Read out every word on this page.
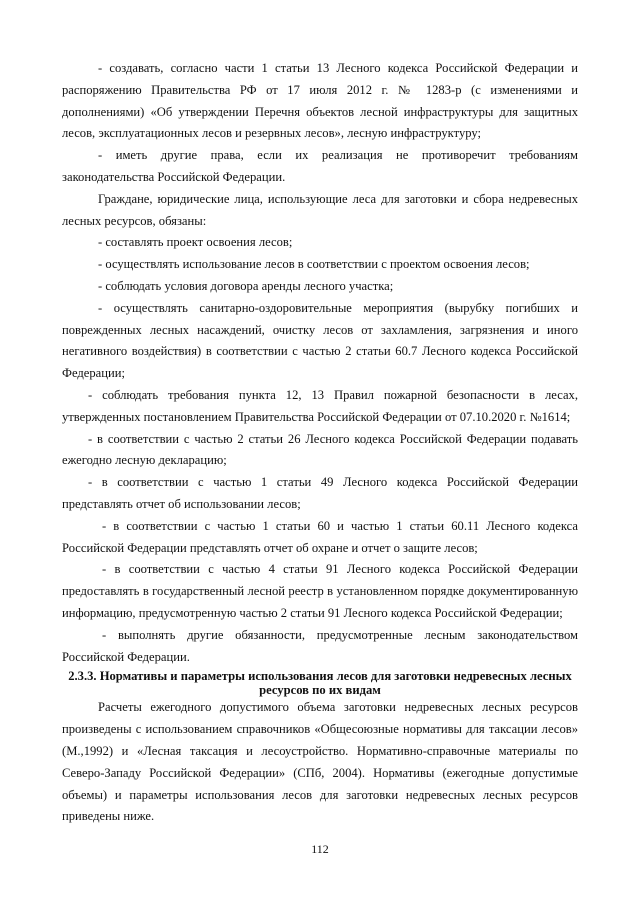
- создавать, согласно части 1 статьи 13 Лесного кодекса Российской Федерации и распоряжению Правительства РФ от 17 июля 2012 г. № 1283-р (с изменениями и дополнениями) «Об утверждении Перечня объектов лесной инфраструктуры для защитных лесов, эксплуатационных лесов и резервных лесов», лесную инфраструктуру;

- иметь другие права, если их реализация не противоречит требованиям законодательства Российской Федерации.

Граждане, юридические лица, использующие леса для заготовки и сбора недревесных лесных ресурсов, обязаны:

- составлять проект освоения лесов;

- осуществлять использование лесов в соответствии с проектом освоения лесов;

- соблюдать условия договора аренды лесного участка;

- осуществлять санитарно-оздоровительные мероприятия (вырубку погибших и поврежденных лесных насаждений, очистку лесов от захламления, загрязнения и иного негативного воздействия) в соответствии с частью 2 статьи 60.7 Лесного кодекса Российской Федерации;

- соблюдать требования пункта 12, 13 Правил пожарной безопасности в лесах, утвержденных постановлением Правительства Российской Федерации от 07.10.2020 г. №1614;

- в соответствии с частью 2 статьи 26 Лесного кодекса Российской Федерации подавать ежегодно лесную декларацию;

- в соответствии с частью 1 статьи 49 Лесного кодекса Российской Федерации представлять отчет об использовании лесов;

- в соответствии с частью 1 статьи 60 и частью 1 статьи 60.11 Лесного кодекса Российской Федерации представлять отчет об охране и отчет о защите лесов;

- в соответствии с частью 4 статьи 91 Лесного кодекса Российской Федерации предоставлять в государственный лесной реестр в установленном порядке документированную информацию, предусмотренную частью 2 статьи 91 Лесного кодекса Российской Федерации;

- выполнять другие обязанности, предусмотренные лесным законодательством Российской Федерации.

2.3.3. Нормативы и параметры использования лесов для заготовки недревесных лесных ресурсов по их видам

Расчеты ежегодного допустимого объема заготовки недревесных лесных ресурсов произведены с использованием справочников «Общесоюзные нормативы для таксации лесов» (М.,1992) и «Лесная таксация и лесоустройство. Нормативно-справочные материалы по Северо-Западу Российской Федерации» (СПб, 2004). Нормативы (ежегодные допустимые объемы) и параметры использования лесов для заготовки недревесных лесных ресурсов приведены ниже.

112
